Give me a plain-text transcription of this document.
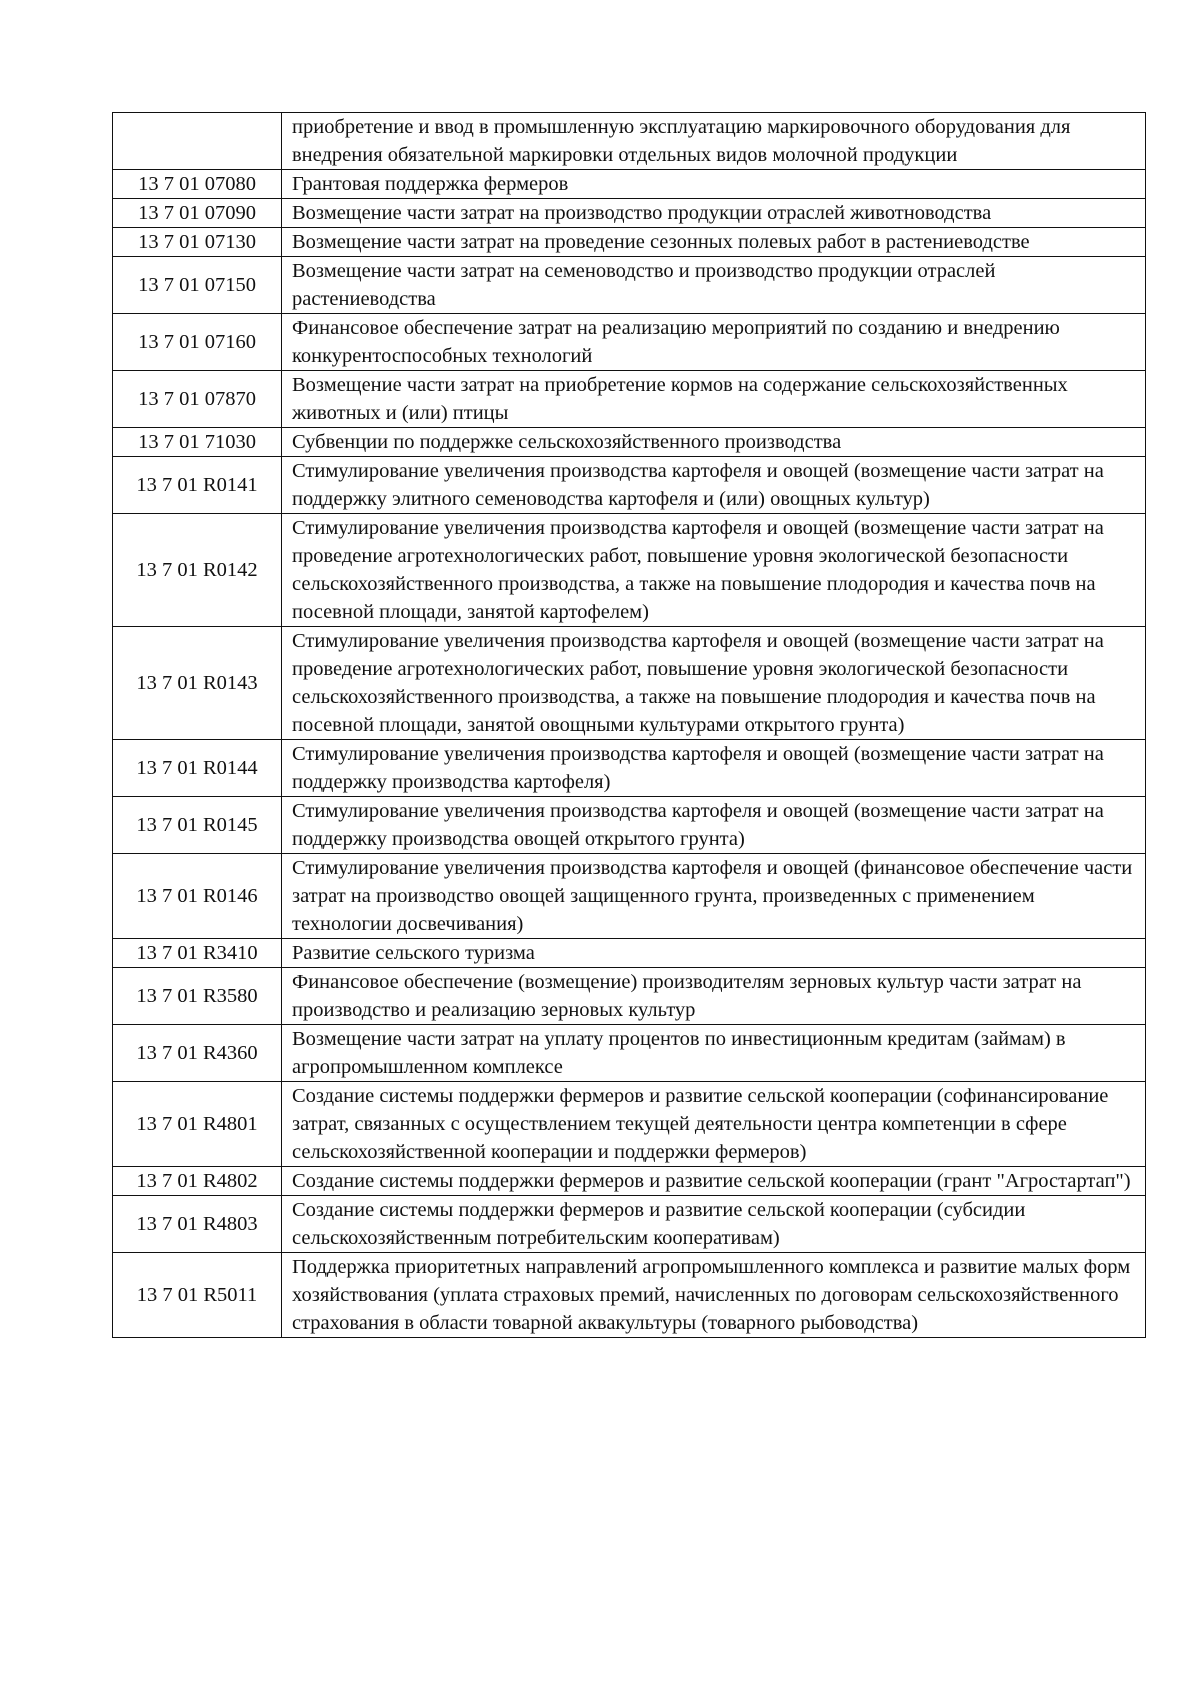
	приобретение и ввод в промышленную эксплуатацию маркировочного оборудования для внедрения обязательной маркировки отдельных видов молочной продукции
13 7 01 07080	Грантовая поддержка фермеров
13 7 01 07090	Возмещение части затрат на производство продукции отраслей животноводства
13 7 01 07130	Возмещение части затрат на проведение сезонных полевых работ в растениеводстве
13 7 01 07150	Возмещение части затрат на семеноводство и производство продукции отраслей растениеводства
13 7 01 07160	Финансовое обеспечение затрат на реализацию мероприятий по созданию и внедрению конкурентоспособных технологий
13 7 01 07870	Возмещение части затрат на приобретение кормов на содержание сельскохозяйственных животных и (или) птицы
13 7 01 71030	Субвенции по поддержке сельскохозяйственного производства
13 7 01 R0141	Стимулирование увеличения производства картофеля и овощей (возмещение части затрат на поддержку элитного семеноводства картофеля и (или) овощных культур)
13 7 01 R0142	Стимулирование увеличения производства картофеля и овощей (возмещение части затрат на проведение агротехнологических работ, повышение уровня экологической безопасности сельскохозяйственного производства, а также на повышение плодородия и качества почв на посевной площади, занятой картофелем)
13 7 01 R0143	Стимулирование увеличения производства картофеля и овощей (возмещение части затрат на проведение агротехнологических работ, повышение уровня экологической безопасности сельскохозяйственного производства, а также на повышение плодородия и качества почв на посевной площади, занятой овощными культурами открытого грунта)
13 7 01 R0144	Стимулирование увеличения производства картофеля и овощей (возмещение части затрат на поддержку производства картофеля)
13 7 01 R0145	Стимулирование увеличения производства картофеля и овощей (возмещение части затрат на поддержку производства овощей открытого грунта)
13 7 01 R0146	Стимулирование увеличения производства картофеля и овощей (финансовое обеспечение части затрат на производство овощей защищенного грунта, произведенных с применением технологии досвечивания)
13 7 01 R3410	Развитие сельского туризма
13 7 01 R3580	Финансовое обеспечение (возмещение) производителям зерновых культур части затрат на производство и реализацию зерновых культур
13 7 01 R4360	Возмещение части затрат на уплату процентов по инвестиционным кредитам (займам) в агропромышленном комплексе
13 7 01 R4801	Создание системы поддержки фермеров и развитие сельской кооперации (софинансирование затрат, связанных с осуществлением текущей деятельности центра компетенции в сфере сельскохозяйственной кооперации и поддержки фермеров)
13 7 01 R4802	Создание системы поддержки фермеров и развитие сельской кооперации (грант "Агростартап")
13 7 01 R4803	Создание системы поддержки фермеров и развитие сельской кооперации (субсидии сельскохозяйственным потребительским кооперативам)
13 7 01 R5011	Поддержка приоритетных направлений агропромышленного комплекса и развитие малых форм хозяйствования (уплата страховых премий, начисленных по договорам сельскохозяйственного страхования в области товарной аквакультуры (товарного рыбоводства)
